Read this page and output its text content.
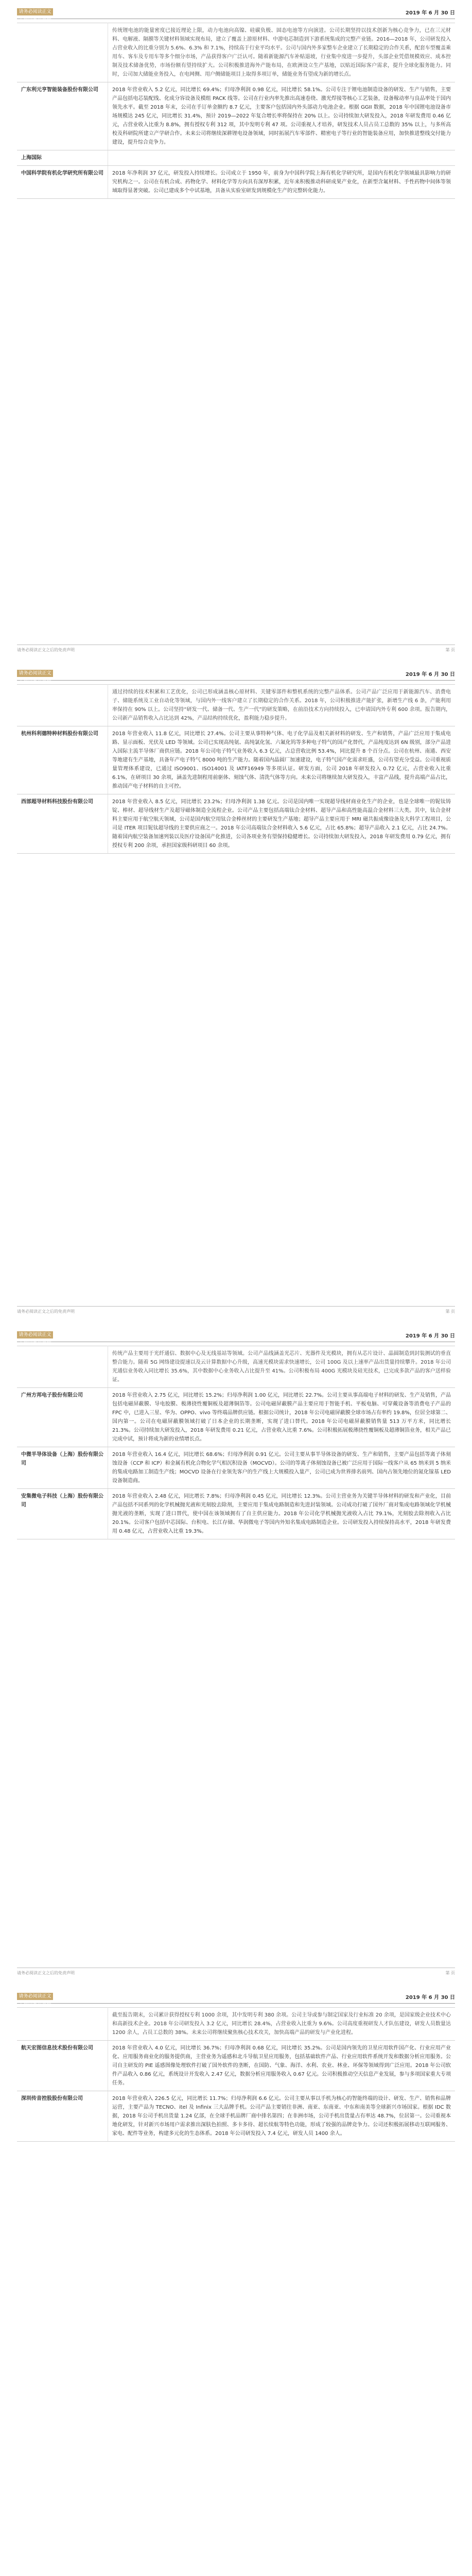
请务必阅读正文之后的免责声明
2019 年 6 月 30 日
	传统锂电池的能量密度已接近理论上限，动力电池向高镍、硅碳负极、固态电池等方向演进。公司长期坚持以技术创新为核心竞争力，已在三元材料、电解液、隔膜等关键材料领域实现布局，建立了覆盖上游原材料、中游电芯制造到下游系统集成的完整产业链。2016—2018 年，公司研发投入占营业收入的比重分别为 5.6%、6.3% 和 7.1%，持续高于行业平均水平。公司与国内外多家整车企业建立了长期稳定的合作关系，配套车型覆盖乘用车、客车及专用车等多个细分市场，产品获得客户广泛认可。随着新能源汽车补贴退坡，行业集中度进一步提升，头部企业凭借规模效应、成本控制及技术储备优势，市场份额有望持续扩大。公司积极推进海外产能布局，在欧洲设立生产基地，以贴近国际客户需求，提升全球化服务能力。同时，公司加大储能业务投入，在电网侧、用户侧储能项目上取得多项订单，储能业务有望成为新的增长点。
广东利元亨智能装备股份有限公司	2018 年营业收入 5.2 亿元，同比增长 69.4%；归母净利润 0.98 亿元，同比增长 58.1%。公司专注于锂电池制造设备的研发、生产与销售，主要产品包括电芯装配线、化成分容设备及模组 PACK 线等。公司在行业内率先推出高速卷绕、激光焊接等核心工艺装备，设备稼动率与良品率处于国内领先水平。截至 2018 年末，公司在手订单金额约 8.7 亿元，主要客户包括国内外头部动力电池企业。根据 GGII 数据，2018 年中国锂电池设备市场规模达 245 亿元，同比增长 31.4%，预计 2019—2022 年复合增长率将保持在 20% 以上。公司持续加大研发投入，2018 年研发费用 0.46 亿元，占营业收入比重为 8.8%，拥有授权专利 312 项，其中发明专利 47 项。公司重视人才培养，研发技术人员占员工总数的 35% 以上，与多所高校及科研院所建立产学研合作。未来公司将继续深耕锂电设备领域，同时拓展汽车零部件、精密电子等行业的智能装备应用，加快推进整线交付能力建设，提升综合竞争力。
上海国际	
中国科学院有机化学研究所有限公司	2018 年净利润 37 亿元，研发投入持续增长。公司成立于 1950 年，前身为中国科学院上海有机化学研究所，是国内有机化学领域最具影响力的研究机构之一。公司在有机合成、药物化学、材料化学等方向具有深厚积累，近年来积极推动科研成果产业化，在新型含氟材料、手性药物中间体等领域取得显著突破。公司已建成多个中试基地，具备从实验室研发到规模化生产的完整转化能力。
请务必阅读正文之后的免责声明	第 页
请务必阅读正文之后的免责声明
2019 年 6 月 30 日
	通过持续的技术积累和工艺优化，公司已形成涵盖核心原材料、关键零部件和整机系统的完整产品体系。公司产品广泛应用于新能源汽车、消费电子、储能系统及工业自动化等领域，与国内外一线客户建立了长期稳定的合作关系。2018 年，公司积极推进产能扩张，新增生产线 6 条，产能利用率保持在 90% 以上。公司坚持“研发一代、储备一代、生产一代”的研发策略，在前沿技术方向持续投入，已申请国内外专利 600 余项。报告期内，公司新产品销售收入占比达到 42%，产品结构持续优化，盈利能力稳步提升。
杭州科利德特种材料股份有限公司	2018 年营业收入 11.8 亿元，同比增长 27.4%。公司主要从事特种气体、电子化学品及相关新材料的研发、生产和销售，产品广泛应用于集成电路、显示面板、光伏及 LED 等领域。公司已实现高纯氨、高纯氯化氢、六氟化钨等多种电子特气的国产化替代，产品纯度达到 6N 级别，部分产品进入国际主流半导体厂商供应链。2018 年公司电子特气业务收入 6.3 亿元，占总营收比例 53.4%，同比提升 8 个百分点。公司在杭州、南通、西安等地建有生产基地，具备年产电子特气 8000 吨的生产能力。随着国内晶圆厂加速建设，电子特气国产化需求旺盛，公司有望充分受益。公司重视质量管理体系建设，已通过 ISO9001、ISO14001 及 IATF16949 等多项认证。研发方面，公司 2018 年研发投入 0.72 亿元，占营业收入比重 6.1%，在研项目 30 余项，涵盖先进制程用前驱体、刻蚀气体、清洗气体等方向。未来公司将继续加大研发投入，丰富产品线，提升高端产品占比，推动国产电子材料的自主可控。
西部超导材料科技股份有限公司	2018 年营业收入 8.5 亿元，同比增长 23.2%；归母净利润 1.38 亿元。公司是国内唯一实现超导线材商业化生产的企业，也是全球唯一的铌钛铸锭、棒材、超导线材生产及超导磁体制造全流程企业。公司产品主要包括高端钛合金材料、超导产品和高性能高温合金材料三大类。其中，钛合金材料主要应用于航空航天领域，公司是国内航空用钛合金棒丝材的主要研发生产基地；超导产品主要应用于 MRI 磁共振成像设备及大科学工程项目，公司是 ITER 项目铌钛超导线的主要供应商之一。2018 年公司高端钛合金材料收入 5.6 亿元，占比 65.8%；超导产品收入 2.1 亿元，占比 24.7%。随着国内航空装备加速列装以及医疗设备国产化推进，公司各项业务有望保持稳健增长。公司持续加大研发投入，2018 年研发费用 0.79 亿元，拥有授权专利 200 余项，承担国家级科研项目 60 余项。
请务必阅读正文之后的免责声明	第 页
请务必阅读正文之后的免责声明
2019 年 6 月 30 日
	传统产品主要用于光纤通信、数据中心及无线基站等领域。公司产品线涵盖光芯片、光器件及光模块，拥有从芯片设计、晶圆制造到封装测试的垂直整合能力。随着 5G 网络建设提速以及云计算数据中心升级，高速光模块需求快速增长，公司 100G 及以上速率产品出货量持续攀升。2018 年公司光通信业务收入同比增长 35.6%，其中数据中心业务收入占比提升至 41%。公司积极布局 400G 光模块及硅光技术，已完成多款产品的客户送样验证。
广州方邦电子股份有限公司	2018 年营业收入 2.75 亿元，同比增长 15.2%；归母净利润 1.00 亿元，同比增长 22.7%。公司主要从事高端电子材料的研发、生产及销售，产品包括电磁屏蔽膜、导电胶膜、极薄挠性覆铜板及超薄铜箔等。公司电磁屏蔽膜产品主要应用于智能手机、平板电脑、可穿戴设备等消费电子产品的 FPC 中，已进入三星、华为、OPPO、vivo 等终端品牌供应链。根据公司统计，2018 年公司电磁屏蔽膜全球市场占有率约 19.8%，位居全球第二、国内第一。公司在电磁屏蔽膜领域打破了日本企业的长期垄断，实现了进口替代。2018 年公司电磁屏蔽膜销售量 513 万平方米，同比增长 21.3%。公司持续加大研发投入，2018 年研发费用 0.21 亿元，占营业收入比重 7.6%。公司积极拓展极薄挠性覆铜板及超薄铜箔业务，相关产品已完成中试，预计将成为新的业绩增长点。
中微半导体设备（上海）股份有限公司	2018 年营业收入 16.4 亿元，同比增长 68.6%；归母净利润 0.91 亿元。公司主要从事半导体设备的研发、生产和销售，主要产品包括等离子体刻蚀设备（CCP 和 ICP）和金属有机化合物化学气相沉积设备（MOCVD）。公司的等离子体刻蚀设备已被广泛应用于国际一线客户从 65 纳米到 5 纳米的集成电路加工制造生产线；MOCVD 设备在行业领先客户的生产线上大规模投入量产，公司已成为世界排名前列、国内占领先地位的氮化镓基 LED 设备制造商。
安集微电子科技（上海）股份有限公司	2018 年营业收入 2.48 亿元，同比增长 7.8%；归母净利润 0.45 亿元，同比增长 12.3%。公司主营业务为关键半导体材料的研发和产业化，目前产品包括不同系列的化学机械抛光液和光刻胶去除剂，主要应用于集成电路制造和先进封装领域。公司成功打破了国外厂商对集成电路领域化学机械抛光液的垄断，实现了进口替代，使中国在该领域拥有了自主供应能力。2018 年公司化学机械抛光液收入占比 79.1%，光刻胶去除剂收入占比 20.1%。公司客户包括中芯国际、台积电、长江存储、华润微电子等国内外知名集成电路制造企业。公司研发投入持续保持高水平，2018 年研发费用 0.48 亿元，占营业收入比重 19.3%。
请务必阅读正文之后的免责声明	第 页
请务必阅读正文之后的免责声明
2019 年 6 月 30 日
	截至报告期末，公司累计获得授权专利 1000 余项，其中发明专利 380 余项。公司主导或参与制定国家及行业标准 20 余项，是国家级企业技术中心和高新技术企业。2018 年公司研发投入 3.2 亿元，同比增长 28.4%，占营业收入比重为 9.6%。公司高度重视研发人才队伍建设，研发人员数量达 1200 余人，占员工总数的 38%。未来公司将继续聚焦核心技术攻关，加快高端产品的研发与产业化进程。
航天宏图信息技术股份有限公司	2018 年营业收入 4.0 亿元，同比增长 36.7%；归母净利润 0.68 亿元，同比增长 35.2%。公司是国内领先的卫星应用软件国产化、行业应用产业化、应用服务商业化的服务提供商，主营业务为遥感和北斗导航卫星应用服务，包括基础软件产品、行业应用软件系统开发和数据分析应用服务。公司自主研发的 PIE 遥感图像处理软件打破了国外软件的垄断，在国防、气象、海洋、水利、农业、林业、环保等领域得到广泛应用。2018 年公司软件产品收入 0.86 亿元，系统设计开发收入 2.47 亿元，数据分析应用服务收入 0.67 亿元。公司积极推动空天信息产业发展，参与多项国家重大专项任务。
深圳传音控股股份有限公司	2018 年营业收入 226.5 亿元，同比增长 11.7%；归母净利润 6.6 亿元。公司主要从事以手机为核心的智能终端的设计、研发、生产、销售和品牌运营，主要产品为 TECNO、itel 及 Infinix 三大品牌手机。公司产品主要销往非洲、南亚、东南亚、中东和南美等全球新兴市场国家。根据 IDC 数据，2018 年公司手机出货量 1.24 亿部，在全球手机品牌厂商中排名第四；在非洲市场，公司手机出货量占有率达 48.7%，位居第一。公司重视本地化研发，针对新兴市场用户需求推出深肤色拍照、多卡多待、超长续航等特色功能，形成了较强的品牌竞争力。公司还积极拓展移动互联网服务、家电、配件等业务，构建多元化的生态体系。2018 年公司研发投入 7.4 亿元，研发人员 1400 余人。
